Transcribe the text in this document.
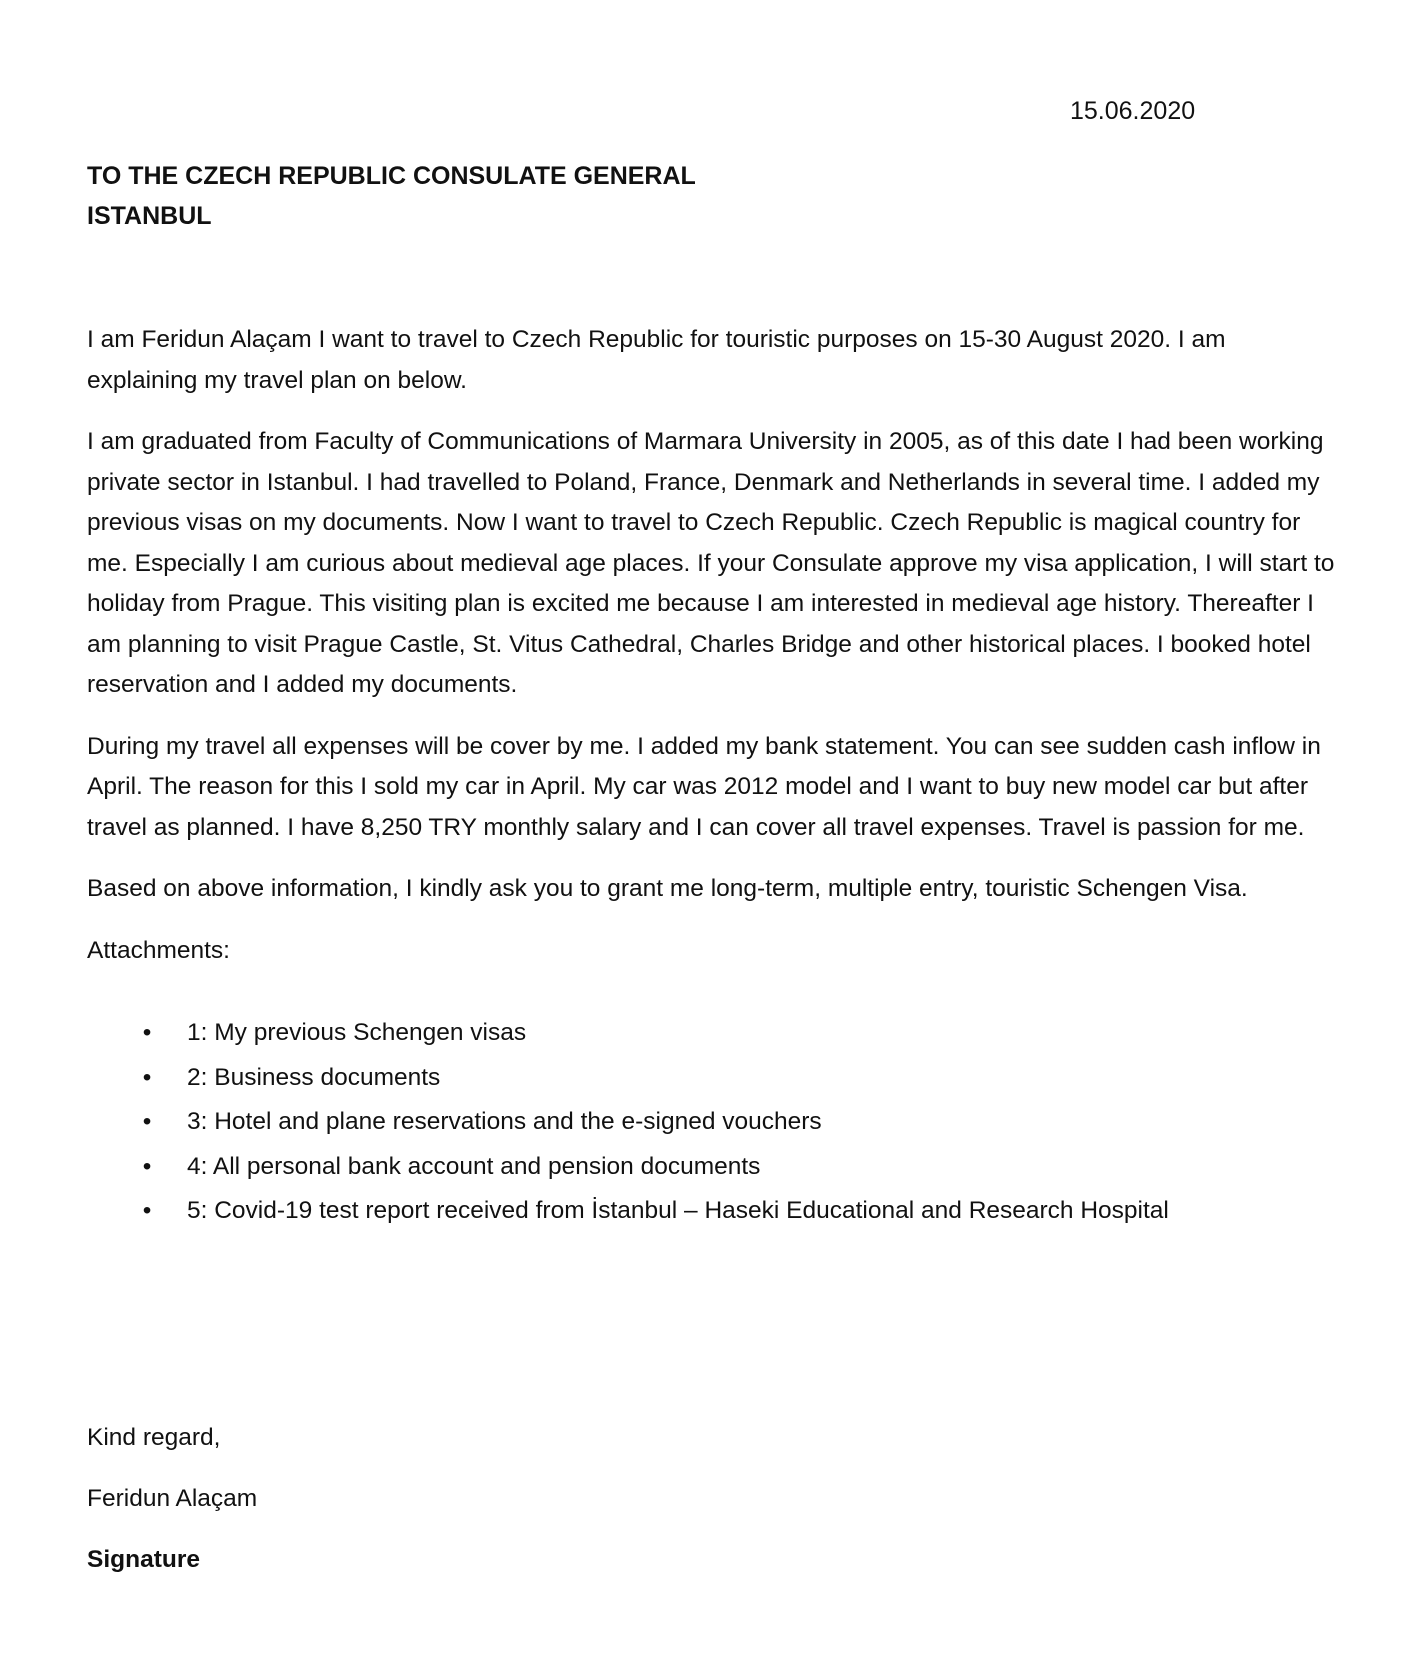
15.06.2020
TO THE CZECH REPUBLIC CONSULATE GENERAL
ISTANBUL

I am Feridun Alaçam I want to travel to Czech Republic for touristic purposes on 15-30 August 2020. I am explaining my travel plan on below.

I am graduated from Faculty of Communications of Marmara University in 2005, as of this date I had been working private sector in Istanbul. I had travelled to Poland, France, Denmark and Netherlands in several time. I added my previous visas on my documents. Now I want to travel to Czech Republic. Czech Republic is magical country for me. Especially I am curious about medieval age places. If your Consulate approve my visa application, I will start to holiday from Prague. This visiting plan is excited me because I am interested in medieval age history. Thereafter I am planning to visit Prague Castle, St. Vitus Cathedral, Charles Bridge and other historical places. I booked hotel reservation and I added my documents.

During my travel all expenses will be cover by me. I added my bank statement. You can see sudden cash inflow in April. The reason for this I sold my car in April. My car was 2012 model and I want to buy new model car but after travel as planned. I have 8,250 TRY monthly salary and I can cover all travel expenses. Travel is passion for me.

Based on above information, I kindly ask you to grant me long-term, multiple entry, touristic Schengen Visa.

Attachments:

• 1: My previous Schengen visas
• 2: Business documents
• 3: Hotel and plane reservations and the e-signed vouchers
• 4: All personal bank account and pension documents
• 5: Covid-19 test report received from İstanbul – Haseki Educational and Research Hospital
Kind regard,
Feridun Alaçam
Signature
